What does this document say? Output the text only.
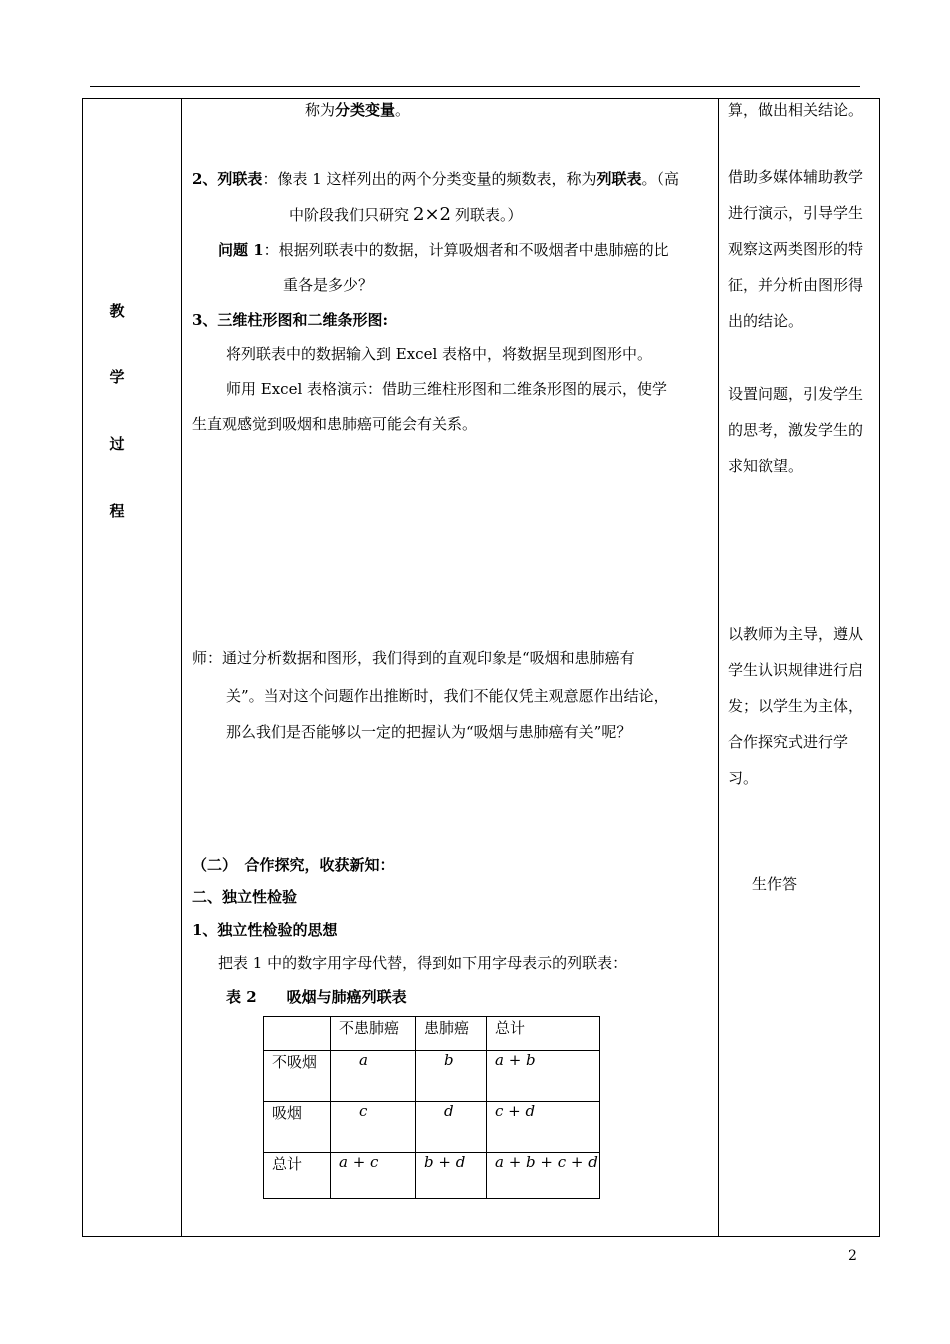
教
学
过
程
称为分类变量。
2、列联表：像表 1 这样列出的两个分类变量的频数表，称为列联表。（高
中阶段我们只研究 2×2 列联表。）
问题 1：根据列联表中的数据，计算吸烟者和不吸烟者中患肺癌的比
重各是多少？
3、三维柱形图和二维条形图:
将列联表中的数据输入到 Excel 表格中，将数据呈现到图形中。
师用 Excel 表格演示：借助三维柱形图和二维条形图的展示，使学
生直观感觉到吸烟和患肺癌可能会有关系。
师：通过分析数据和图形，我们得到的直观印象是“吸烟和患肺癌有
关”。当对这个问题作出推断时，我们不能仅凭主观意愿作出结论，
那么我们是否能够以一定的把握认为“吸烟与患肺癌有关”呢？
（二）　合作探究，收获新知：
二、独立性检验
1、独立性检验的思想
把表 1 中的数字用字母代替，得到如下用字母表示的列联表：
表 2　　吸烟与肺癌列联表
	不患肺癌	患肺癌	总计
不吸烟	a	b	a + b
吸烟	c	d	c + d
总计	a + c	b + d	a + b + c + d
算，做出相关结论。
借助多媒体辅助教学进行演示，引导学生观察这两类图形的特征，并分析由图形得出的结论。
设置问题，引发学生的思考，激发学生的求知欲望。
以教师为主导，遵从学生认识规律进行启发；以学生为主体，合作探究式进行学习。
生作答
2
